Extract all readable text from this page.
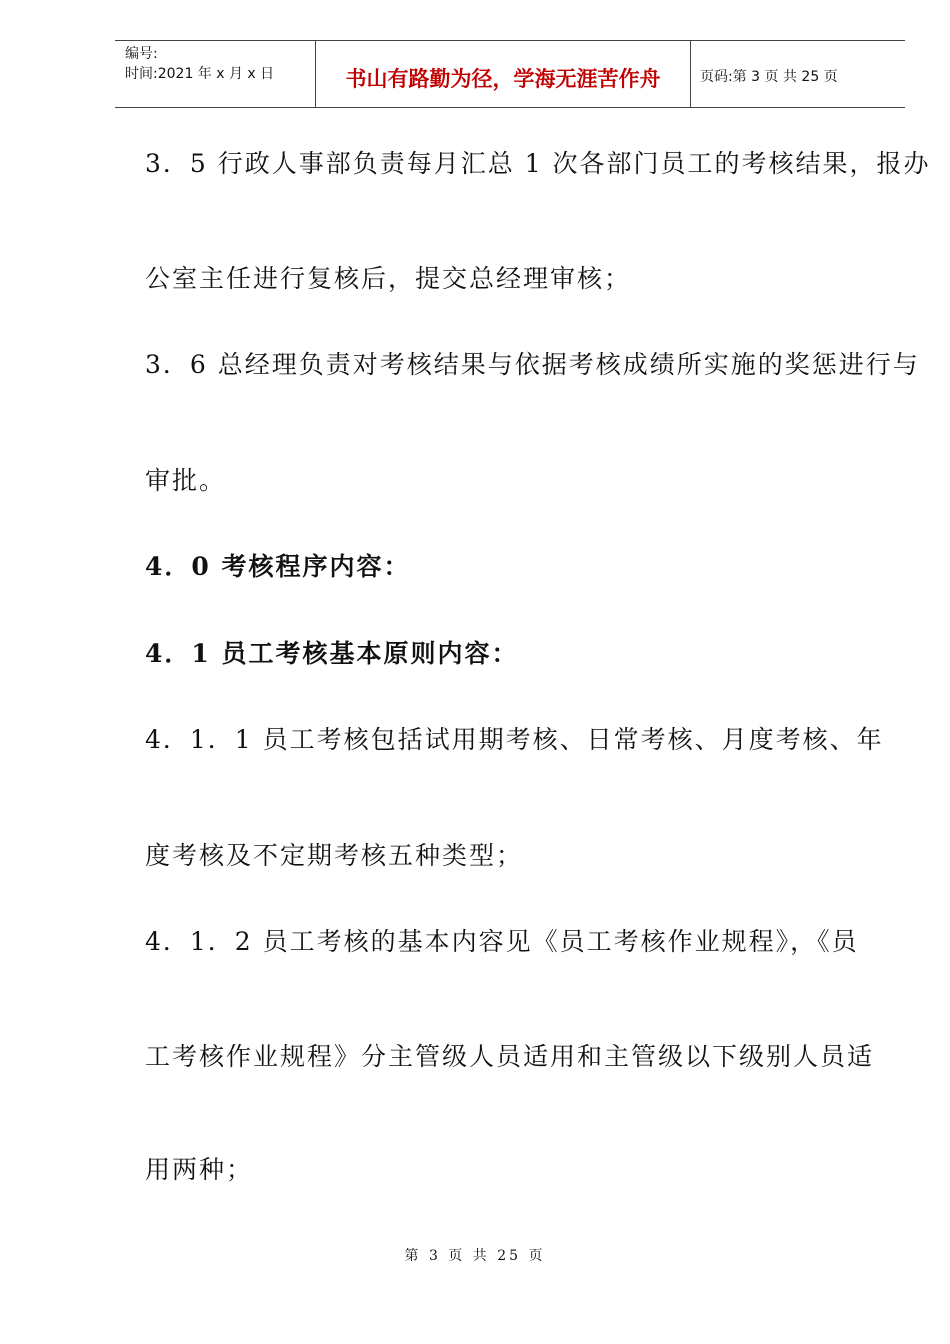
编号:
时间:2021 年 x 月 x 日	书山有路勤为径，学海无涯苦作舟	页码:第 3 页 共 25 页
3．5 行政人事部负责每月汇总 1 次各部门员工的考核结果，报办
公室主任进行复核后，提交总经理审核；
3．6 总经理负责对考核结果与依据考核成绩所实施的奖惩进行与
审批。
4．0 考核程序内容：
4．1 员工考核基本原则内容：
4．1．1 员工考核包括试用期考核、日常考核、月度考核、年
度考核及不定期考核五种类型；
4．1．2 员工考核的基本内容见《员工考核作业规程》，《员
工考核作业规程》分主管级人员适用和主管级以下级别人员适
用两种；
第 3 页 共 25 页
